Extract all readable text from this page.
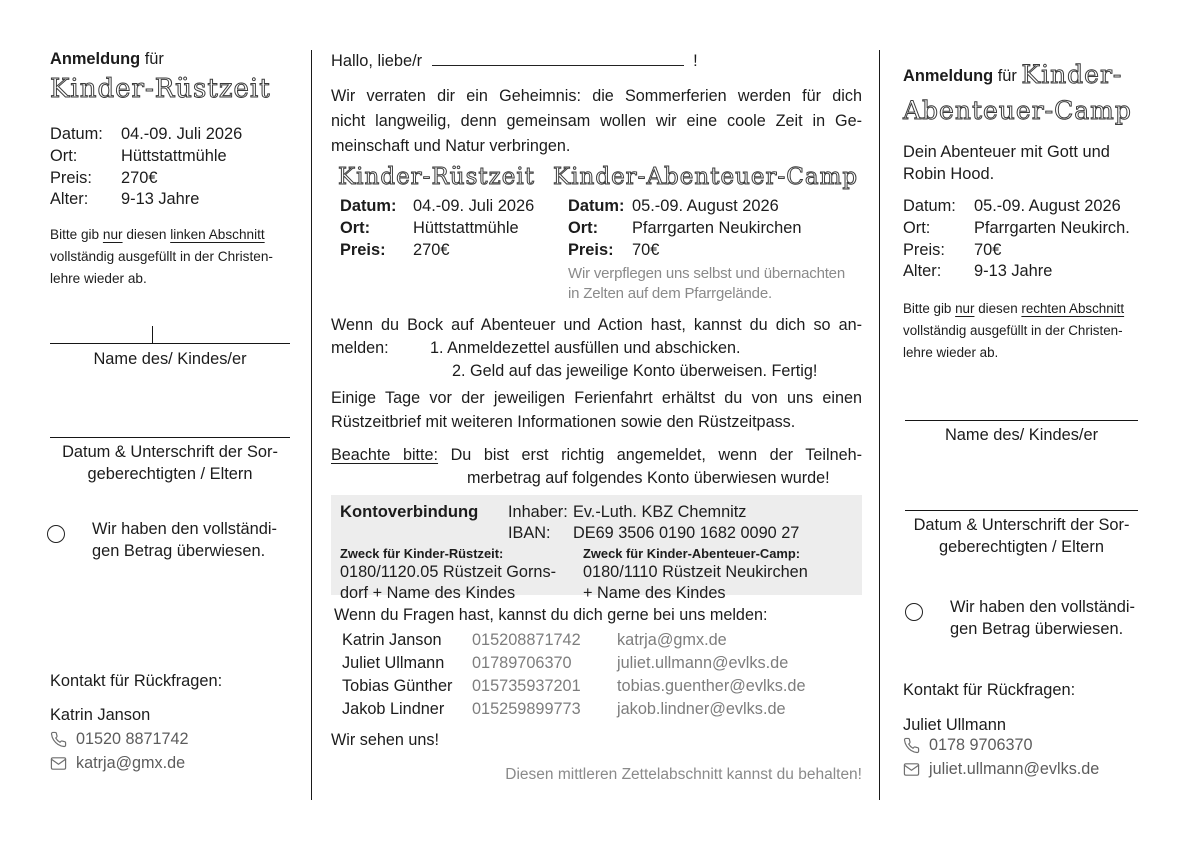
Anmeldung für
Kinder-Rüstzeit
Datum:	04.-09. Juli 2026
Ort:	Hüttstattmühle
Preis:	270€
Alter:	9-13 Jahre
Bitte gib nur diesen linken Abschnitt
vollständig ausgefüllt in der Christen-
lehre wieder ab.
Name des/ Kindes/er
Datum & Unterschrift der Sor-
geberechtigten / Eltern
Wir haben den vollständi-
gen Betrag überwiesen.
Kontakt für Rückfragen:
Katrin Janson
01520 8871742
katrja@gmx.de
Hallo, liebe/r	!
Wir verraten dir ein Geheimnis: die Sommerferien werden für dich
nicht langweilig, denn gemeinsam wollen wir eine coole Zeit in Ge-
meinschaft und Natur verbringen.
Kinder-Rüstzeit Kinder-Abenteuer-Camp
Datum:	04.-09. Juli 2026
Ort:	Hüttstattmühle
Preis:	270€
Datum: 05.-09. August 2026
Ort:	Pfarrgarten Neukirchen
Preis:	70€
Wir verpflegen uns selbst und übernachten
in Zelten auf dem Pfarrgelände.
Wenn du Bock auf Abenteuer und Action hast, kannst du dich so an-
melden:	1. Anmeldezettel ausfüllen und abschicken.
2. Geld auf das jeweilige Konto überweisen. Fertig!
Einige Tage vor der jeweiligen Ferienfahrt erhältst du von uns einen
Rüstzeitbrief mit weiteren Informationen sowie den Rüstzeitpass.
Beachte bitte: Du bist erst richtig angemeldet, wenn der Teilneh-
merbetrag auf folgendes Konto überwiesen wurde!
Kontoverbindung	Inhaber: Ev.-Luth. KBZ Chemnitz
IBAN:	DE69 3506 0190 1682 0090 27
Zweck für Kinder-Rüstzeit:
0180/1120.05 Rüstzeit Gorns-
dorf + Name des Kindes
Zweck für Kinder-Abenteuer-Camp:
0180/1110 Rüstzeit Neukirchen
+ Name des Kindes
Wenn du Fragen hast, kannst du dich gerne bei uns melden:
Katrin Janson	015208871742	katrja@gmx.de
Juliet Ullmann	01789706370	juliet.ullmann@evlks.de
Tobias Günther	015735937201	tobias.guenther@evlks.de
Jakob Lindner	015259899773	jakob.lindner@evlks.de
Wir sehen uns!
Diesen mittleren Zettelabschnitt kannst du behalten!
Anmeldung für Kinder-
Abenteuer-Camp
Dein Abenteuer mit Gott und
Robin Hood.
Datum:	05.-09. August 2026
Ort:	Pfarrgarten Neukirch.
Preis:	70€
Alter:	9-13 Jahre
Bitte gib nur diesen rechten Abschnitt
vollständig ausgefüllt in der Christen-
lehre wieder ab.
Name des/ Kindes/er
Datum & Unterschrift der Sor-
geberechtigten / Eltern
Wir haben den vollständi-
gen Betrag überwiesen.
Kontakt für Rückfragen:
Juliet Ullmann
0178 9706370
juliet.ullmann@evlks.de
